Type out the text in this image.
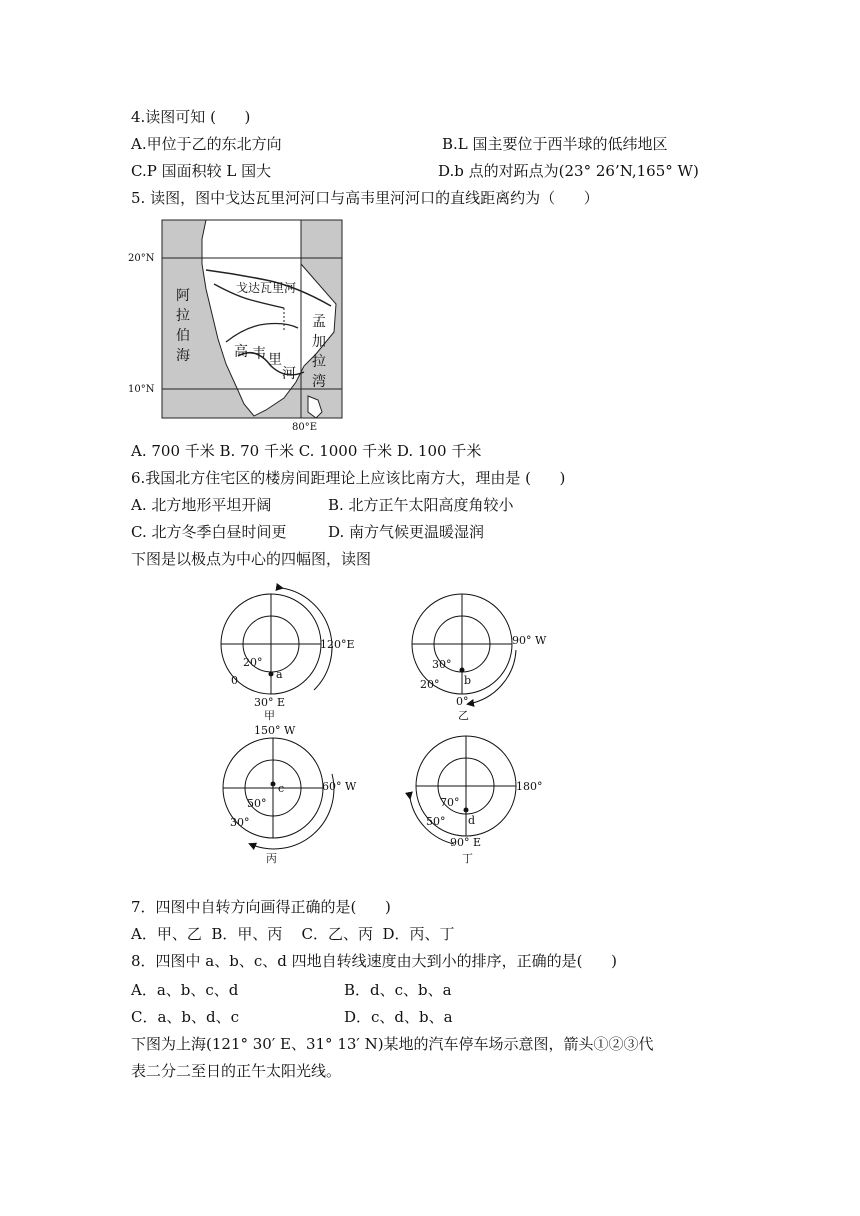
4.读图可知 (      )
A.甲位于乙的东北方向	B.L 国主要位于西半球的低纬地区
C.P 国面积较 L 国大	D.b 点的对跖点为(23° 26’N,165° W)
5. 读图，图中戈达瓦里河河口与高韦里河河口的直线距离约为（      ）
20°N
10°N
80°E
阿
拉
伯
海
孟
加
拉
湾
戈达瓦里河
高 韦 里
河
A. 700 千米 B. 70 千米 C. 1000 千米 D. 100 千米
6.我国北方住宅区的楼房间距理论上应该比南方大，理由是 (      )
A. 北方地形平坦开阔	B. 北方正午太阳高度角较小
C. 北方冬季白昼时间更	D. 南方气候更温暖湿润
下图是以极点为中心的四幅图，读图
a
120°E
20°
0
30° E
甲
b
90° W
30°
20°
0°
乙
c
150° W
60° W
50°
30°
丙
d
180°
70°
50°
90° E
丁
7．四图中自转方向画得正确的是(      )
A．甲、乙  B．甲、丙    C．乙、丙  D．丙、丁
8．四图中 a、b、c、d 四地自转线速度由大到小的排序，正确的是(      )
A．a、b、c、d	B．d、c、b、a
C．a、b、d、c	D．c、d、b、a
下图为上海(121° 30′ E、31° 13′ N)某地的汽车停车场示意图，箭头①②③代
表二分二至日的正午太阳光线。
